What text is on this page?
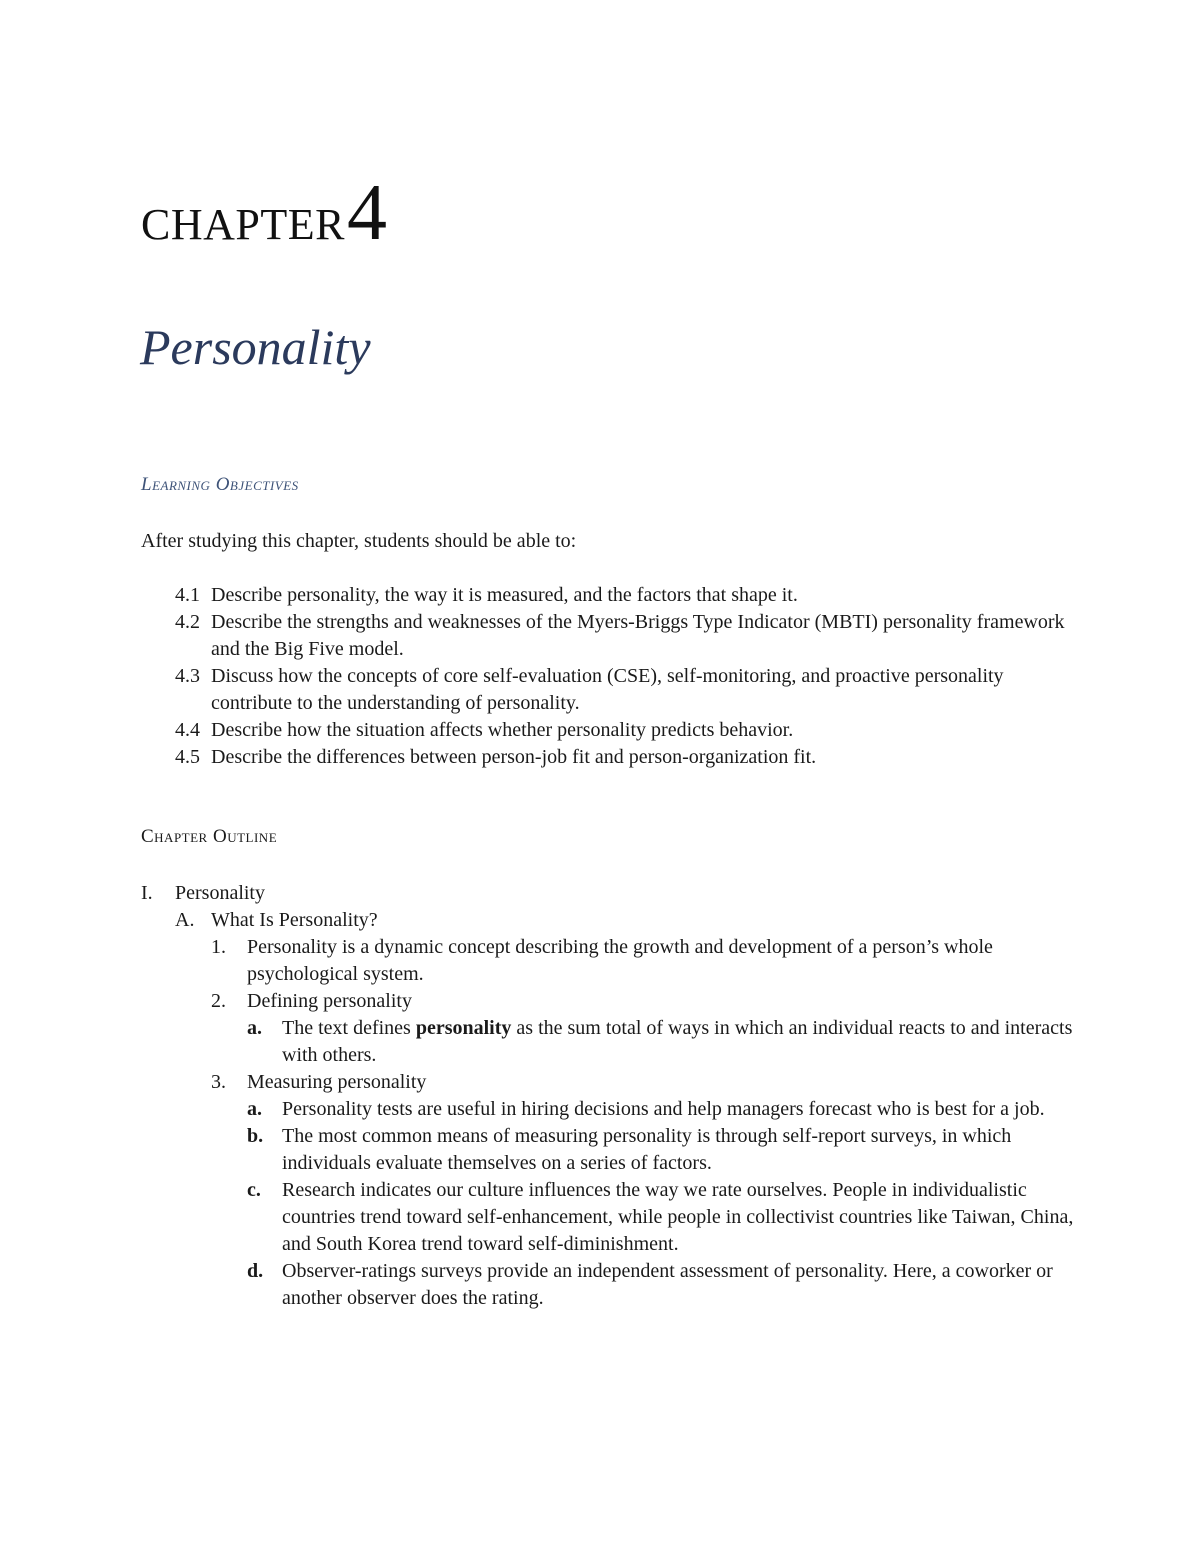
CHAPTER4
Personality
Learning Objectives
After studying this chapter, students should be able to:
4.1 Describe personality, the way it is measured, and the factors that shape it.
4.2 Describe the strengths and weaknesses of the Myers-Briggs Type Indicator (MBTI) personality framework and the Big Five model.
4.3 Discuss how the concepts of core self-evaluation (CSE), self-monitoring, and proactive personality contribute to the understanding of personality.
4.4 Describe how the situation affects whether personality predicts behavior.
4.5 Describe the differences between person-job fit and person-organization fit.
Chapter Outline
I.	Personality
A. What Is Personality?
1.	Personality is a dynamic concept describing the growth and development of a person’s whole psychological system.
2.	Defining personality
a.	The text defines personality as the sum total of ways in which an individual reacts to and interacts with others.
3.	Measuring personality
a.	Personality tests are useful in hiring decisions and help managers forecast who is best for a job.
b. The most common means of measuring personality is through self-report surveys, in which individuals evaluate themselves on a series of factors.
c.	Research indicates our culture influences the way we rate ourselves. People in individualistic countries trend toward self-enhancement, while people in collectivist countries like Taiwan, China, and South Korea trend toward self-diminishment.
d. Observer-ratings surveys provide an independent assessment of personality. Here, a coworker or another observer does the rating.
